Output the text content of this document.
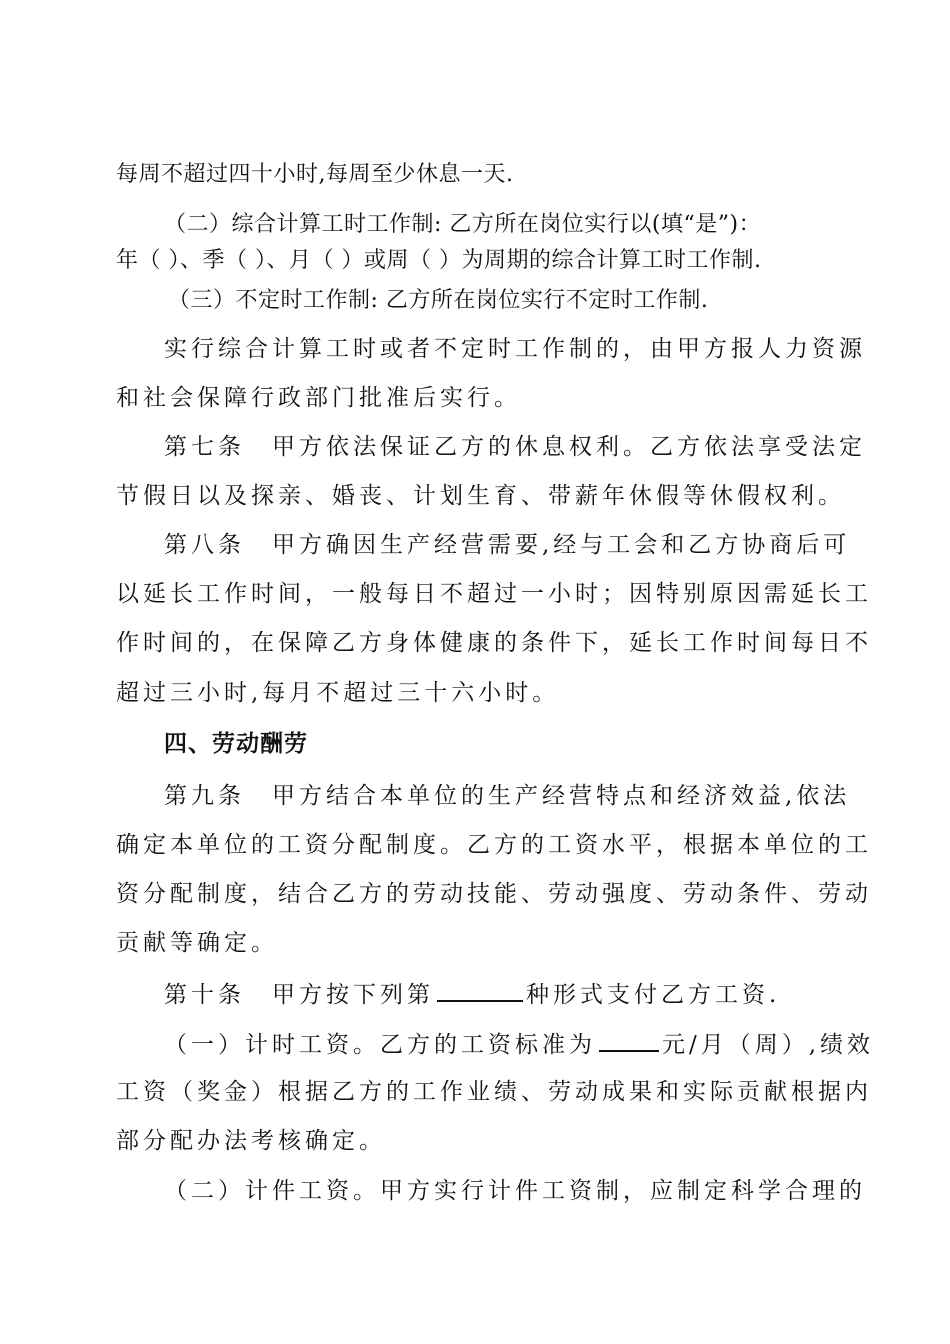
每周不超过四十小时,每周至少休息一天.

（二）综合计算工时工作制: 乙方所在岗位实行以(填“是”)：

年（ ）、季（ ）、月（ ）或周（ ）为周期的综合计算工时工作制.

（三）不定时工作制: 乙方所在岗位实行不定时工作制.

实行综合计算工时或者不定时工作制的，由甲方报人力资源

和社会保障行政部门批准后实行。

第七条　甲方依法保证乙方的休息权利。乙方依法享受法定

节假日以及探亲、婚丧、计划生育、带薪年休假等休假权利。

第八条　甲方确因生产经营需要,经与工会和乙方协商后可

以延长工作时间，一般每日不超过一小时；因特别原因需延长工

作时间的，在保障乙方身体健康的条件下，延长工作时间每日不

超过三小时,每月不超过三十六小时。

四、劳动酬劳

第九条　甲方结合本单位的生产经营特点和经济效益,依法

确定本单位的工资分配制度。乙方的工资水平，根据本单位的工

资分配制度，结合乙方的劳动技能、劳动强度、劳动条件、劳动

贡献等确定。

第十条　甲方按下列第	种形式支付乙方工资.

（一）计时工资。乙方的工资标准为	元/月（周）,绩效

工资（奖金）根据乙方的工作业绩、劳动成果和实际贡献根据内

部分配办法考核确定。

（二）计件工资。甲方实行计件工资制，应制定科学合理的
